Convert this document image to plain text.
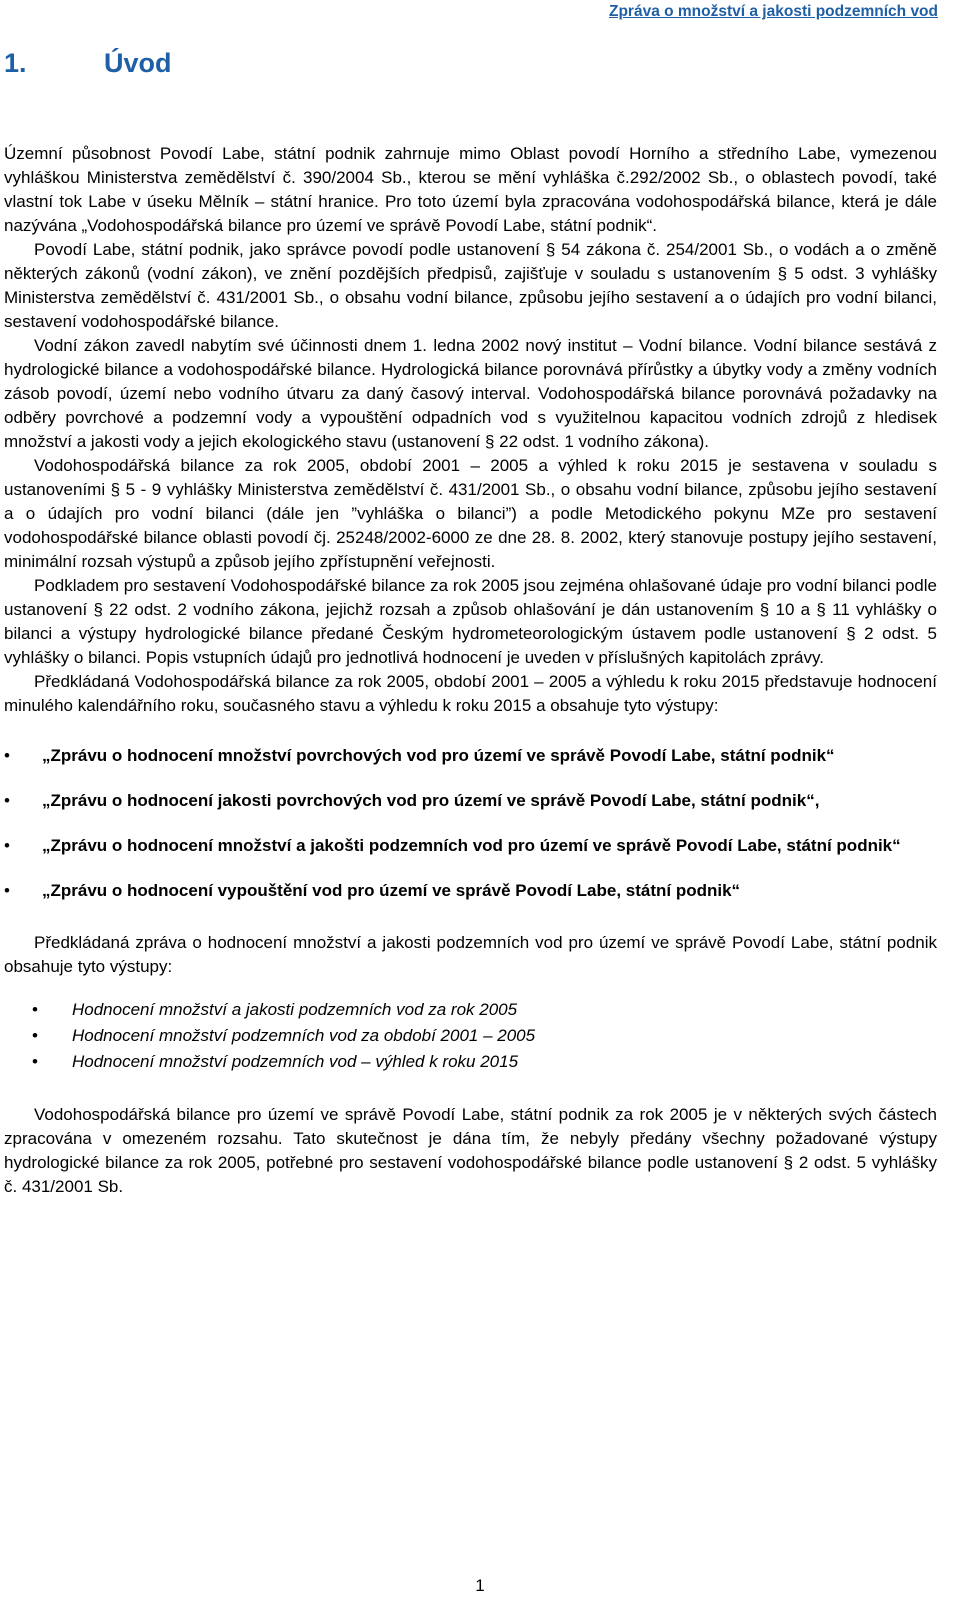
Zpráva o množství a jakosti podzemních vod
1.	Úvod

Územní působnost Povodí Labe, státní podnik zahrnuje mimo Oblast povodí Horního a středního Labe, vymezenou vyhláškou Ministerstva zemědělství č. 390/2004 Sb., kterou se mění vyhláška č.292/2002 Sb., o oblastech povodí, také vlastní tok Labe v úseku Mělník – státní hranice. Pro toto území byla zpracována vodohospodářská bilance, která je dále nazývána „Vodohospodářská bilance pro území ve správě Povodí Labe, státní podnik“.

Povodí Labe, státní podnik, jako správce povodí podle ustanovení § 54 zákona č. 254/2001 Sb., o vodách a o změně některých zákonů (vodní zákon), ve znění pozdějších předpisů, zajišťuje v souladu s ustanovením § 5 odst. 3 vyhlášky Ministerstva zemědělství č. 431/2001 Sb., o obsahu vodní bilance, způsobu jejího sestavení a o údajích pro vodní bilanci, sestavení vodohospodářské bilance.

Vodní zákon zavedl nabytím své účinnosti dnem 1. ledna 2002 nový institut – Vodní bilance. Vodní bilance sestává z hydrologické bilance a vodohospodářské bilance. Hydrologická bilance porovnává přírůstky a úbytky vody a změny vodních zásob povodí, území nebo vodního útvaru za daný časový interval. Vodohospodářská bilance porovnává požadavky na odběry povrchové a podzemní vody a vypouštění odpadních vod s využitelnou kapacitou vodních zdrojů z hledisek množství a jakosti vody a jejich ekologického stavu (ustanovení § 22 odst. 1 vodního zákona).

Vodohospodářská bilance za rok 2005, období 2001 – 2005 a výhled k roku 2015 je sestavena v souladu s ustanoveními § 5 - 9 vyhlášky Ministerstva zemědělství č. 431/2001 Sb., o obsahu vodní bilance, způsobu jejího sestavení a o údajích pro vodní bilanci (dále jen ”vyhláška o bilanci”) a podle Metodického pokynu MZe pro sestavení vodohospodářské bilance oblasti povodí čj. 25248/2002-6000 ze dne 28. 8. 2002, který stanovuje postupy jejího sestavení, minimální rozsah výstupů a způsob jejího zpřístupnění veřejnosti.

Podkladem pro sestavení Vodohospodářské bilance za rok 2005 jsou zejména ohlašované údaje pro vodní bilanci podle ustanovení § 22 odst. 2 vodního zákona, jejichž rozsah a způsob ohlašování je dán ustanovením § 10 a § 11 vyhlášky o bilanci a výstupy hydrologické bilance předané Českým hydrometeorologickým ústavem podle ustanovení § 2 odst. 5 vyhlášky o bilanci. Popis vstupních údajů pro jednotlivá hodnocení je uveden v příslušných kapitolách zprávy.

Předkládaná Vodohospodářská bilance za rok 2005, období 2001 – 2005 a výhledu k roku 2015 představuje hodnocení minulého kalendářního roku, současného stavu a výhledu k roku 2015 a obsahuje tyto výstupy:

• „Zprávu o hodnocení množství povrchových vod pro území ve správě Povodí Labe, státní podnik“
• „Zprávu o hodnocení jakosti povrchových vod pro území ve správě Povodí Labe, státní podnik“,
• „Zprávu o hodnocení množství a jakošti podzemních vod pro území ve správě Povodí Labe, státní podnik“
• „Zprávu o hodnocení vypouštění vod pro území ve správě Povodí Labe, státní podnik“

Předkládaná zpráva o hodnocení množství a jakosti podzemních vod pro území ve správě Povodí Labe, státní podnik obsahuje tyto výstupy:

• Hodnocení množství a jakosti podzemních vod za rok 2005
• Hodnocení množství podzemních vod za období 2001 – 2005
• Hodnocení množství podzemních vod – výhled k roku 2015

Vodohospodářská bilance pro území ve správě Povodí Labe, státní podnik za rok 2005 je v některých svých částech zpracována v omezeném rozsahu. Tato skutečnost je dána tím, že nebyly předány všechny požadované výstupy hydrologické bilance za rok 2005, potřebné pro sestavení vodohospodářské bilance podle ustanovení § 2 odst. 5 vyhlášky č. 431/2001 Sb.

1
